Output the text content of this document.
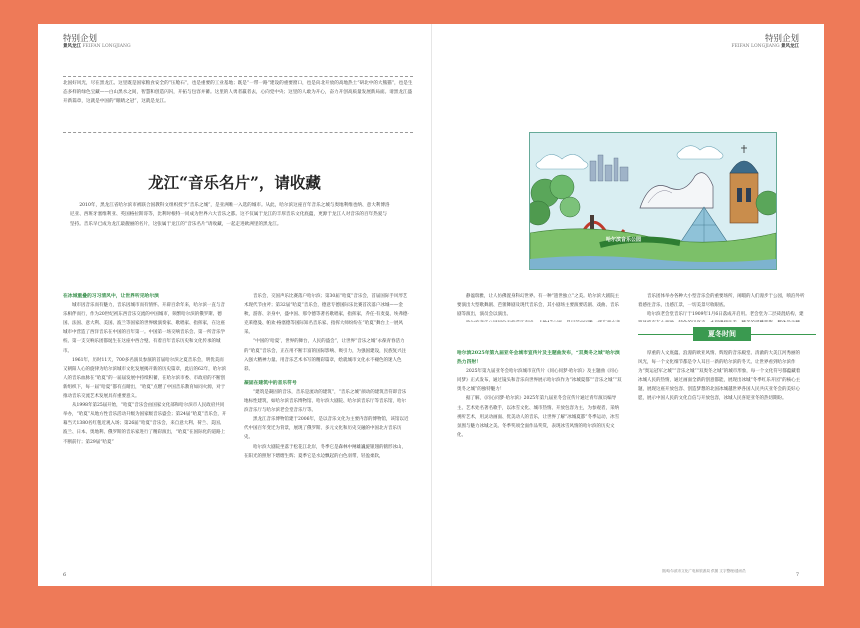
特别企划
景风龙江 FEIFAN LONGJIANG
北国好风光，尽在黑龙江。这里既是国家粮食安全的“压舱石”，也是重要的工业基地；既是“一带一路”建设的重要窗口，也是向北开放的高地热土“研北中的大熊猫”，也是生态多样的绿色宝藏——白山黑水之间，智慧和创造闪闪，开拓与包容并蓄。这里的人勇者赢者去，心向党中央；这里的人敢为开心，奋力开创高质量发展新局面。请黑龙江盛开新篇章，这就是中国的“眼睛之冠”，这就是龙江。
龙江“音乐名片”，请收藏

2010年，黑龙江省哈尔滨市被联合国教科文组织授予“音乐之城”，是亚洲唯一入选的城市。从此，哈尔滨这座百年音乐之城与奥地利维也纳、意大利博洛尼亚、西班牙塞维利亚、英国格拉斯哥等，比利时根特一同成为世界六大音乐之都。这不仅属于龙江的丰厚音乐文化底蕴，更源于龙江人对音乐的百年热爱与坚持。音乐早已成为龙江最靓丽的名片，这张属于龙江的“音乐名片”请收藏，一起走进欧洲里的黑龙江。

在冰城重叠的习习清风中，让世界听见哈尔滨

城市因音乐而有魅力，音乐因城市而有情怀。开辟百余年来，哈尔滨一直与音乐相伴而行，作为20世纪初东西音乐交流的中国城市，频繁哈尔滨的俄罗斯、德国、法国、意大利、美国、波兰等国家的世界级演奏家、歌唱家、指挥家，在这座城市中营造了西洋音乐在中国的百年第一。中国第一场交响音乐会、第一所音乐学校、第一支交响乐团都诞生在这座中西合璧、有着百年音乐历史和文化传承的城市。

1961年，历时11天，700多名演员参演的首届哈尔滨之夏音乐会，明优美而又朝阳人心的旋律为哈尔滨城市文化发展揭开新的历史篇章，此后的62年，哈尔滨人的音乐血脉在“哈夏”的一届届发展中持续积蓄，在哈尔滨市委、市政府的不断创新组织下，每一届“哈夏”都有点睛出，“哈夏”点燃了中国音乐教育如同火源，对于推动音乐交流艺术发展具有重要意义。

从1998年第25届开始，“哈夏”音乐会由国家文化部和哈尔滨市人民政府共同举办，“哈夏”从地方性音乐活动升级为国家级音乐盛会；第24届“哈夏”音乐会，开幕当天1380名红毯近观入场；第26届“哈夏”音乐会，来自意大利、荷兰、美国、波兰、日本、奥地利、俄罗斯的音乐家进行了精彩演出，“哈夏”在国际化的道路上不断前行；第29届“哈夏”

音乐会，交国声乐比赛落户哈尔滨；第30届“哈夏”音乐会，首届国际手风琴艺术现代节由斧；第32届“哈夏”音乐会，德意专德国际乐比赛首次落户冰城——金秋，游客、亲身中，盛中国、那令德等著名歌唱家，指挥家，乔任·有麦曼、埃弗德·克莱德曼、帕欢·格塞德等国际知名音乐家、指挥大师纷纷在“哈夏”舞台上一展风采。

“中国的‘哈夏’，世界的舞台，人民的盛会”，让世界“音乐之城”永葆青春活力的“哈夏”音乐会，正在用不断丰富的国际影响、吸引力，为强国建设，民族复兴注入强大精神力量。用音乐艺术书写的精彩篇章，绘就城市文化永不褪色的迷人色彩。

凝固在建筑中的音乐符号

“建筑是凝固的音乐，音乐是流动的建筑”，“音乐之城”颜动的建筑音符即音乐地标性建筑，如哈尔滨音乐博物馆、哈尔滨大剧院、哈尔滨音乐厅等音乐馆，哈尔滨音乐厅与哈尔滨老会堂音乐厅等。

黑龙江音乐博物馆建于2006年，是以音乐文化为主要内容的博物馆，该馆以近代中国百年变迁为背景，展现了俄罗斯、多元文化和历史交融的中国北方音乐历史。

哈尔滨大剧院坐落于松花江北岸，冬季它是森林中闸雄巍旋银翅的鹤形冰山，在阳光的照射下熠熠生辉；夏季它是水边飘起的白色羽带，轻盈柔软，

6
特别企划
FEIFAN LONGJIANG 景风龙江
哈尔滨音乐公园

静谧瑞雅，让人仿佛置身科幻世界。有一种“遗世独立”之美。哈尔滨大剧院主要演出大型歌舞剧、芭蕾舞剧及现代音乐会，其小剧场主要演要话剧、戏曲、音乐剧等演出，演员会以演出。

音乐团体举办各种大小型音乐会的重要场所，闲暇的人们漫步于公园，喷泊外听着感往音乐，出感江景，一切美景尽收眼底。

哈尔滨老会堂音乐厅于1909年1月6日落成开启用。老会堂为二层砖混结构，建

夏冬时间

哈尔滨2025年第九届亚冬会城市宣传片及主题曲发布，“双奥冬之城”哈尔滨热力四射！

2025年第九届亚冬会哈尔滨城市宣传片《同心同梦·哈尔滨》及主题曲《同心同梦》正式发布，通过镜头和音乐向世界展示哈尔滨作为“冰城夏都”“音乐之城”“双奥冬之城”的独特魅力！

据了解，《同心同梦·哈尔滨》2025年第九届亚冬会宣传片通过青年演员编导主、艺术处名著名歌手，以冰雪文化、城市热情、开放包容为主，为参观者，采纳视听艺术，用灵动画面、优美动人的音乐，让世界了解“冰城夏都”冬季运动，冰雪氛围与魅力冰城之美。冬季奖项全面作品奖赏，表现冰雪风情的哈尔滨的历史文化、

厚重的人文底蕴、浪漫的欧亚风情、辉煌的音乐殿堂、清澈的大美江河秀丽的风光，每一个文化细节都是令人耳目一新的哈尔滨的冬天。让世界看到哈尔滨作为“奥运冠军之城”“音乐之城”“双奥冬之城”的城市形象，每一个文化符号都蕴藏着冰城人民的热情，通过画面全新的创意都能，展现出冰城“冬季红乐开园”的核心主题，展现这座开放包容、创造梦想的北国冰城越世界各国人民共庆亚冬会的美好心愿，展示中国人民的文化自信与开放包容，冰城人民喜迎亚冬的热切期盼。

图/哈尔滨市文化广电和旅游局 供图 文字整理/通讯员
7
